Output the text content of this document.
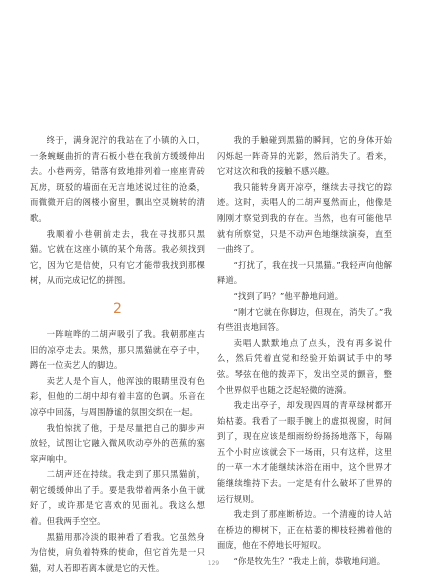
终于，满身泥泞的我站在了小镇的入口，一条蜿蜒曲折的青石板小巷在我前方缓缓伸出去。小巷两旁，错落有致地排列着一座座青砖瓦房，斑驳的墙面在无言地述说过往的沧桑，而微微开启的阁楼小窗里，飘出空灵婉转的清歌。

我顺着小巷朝前走去，我在寻找那只黑猫。它就在这座小镇的某个角落。我必须找到它，因为它是信使，只有它才能带我找到那棵树，从而完成记忆的拼图。

2

一阵喧哗的二胡声吸引了我。我朝那座古旧的凉亭走去。果然，那只黑猫就在亭子中，蹲在一位卖艺人的脚边。

卖艺人是个盲人，他浑浊的眼睛里没有色彩，但他的二胡中却有着丰富的色调。乐音在凉亭中回荡，与周围静谧的氛围交织在一起。

我怕惊扰了他，于是尽量把自己的脚步声放轻，试图让它融入微风吹动亭外的芭蕉的塞窣声响中。

二胡声还在持续。我走到了那只黑猫前，朝它缓缓伸出了手。要是我带着两条小鱼干就好了，或许那是它喜欢的见面礼。我这么想着。但我两手空空。

黑猫用那冷淡的眼神看了看我。它虽然身为信使，肩负着特殊的使命，但它首先是一只猫，对人若即若离本就是它的天性。

我的手触碰到黑猫的瞬间，它的身体开始闪烁起一阵奇异的光影，然后消失了。看来，它对这次和我的接触不感兴趣。

我只能转身离开凉亭，继续去寻找它的踪迹。这时，卖唱人的二胡声戛然而止，他像是刚刚才察觉到我的存在。当然，也有可能他早就有所察觉，只是不动声色地继续演奏，直至一曲终了。

“打扰了，我在找一只黑猫。”我轻声向他解释道。

“找到了吗？”他平静地问道。

“刚才它就在你脚边，但现在，消失了。”我有些沮丧地回答。

卖唱人默默地点了点头，没有再多说什么，然后凭着直觉和经验开始调试手中的琴弦。琴弦在他的拨弄下，发出空灵的颤音，整个世界似乎也随之泛起轻微的涟漪。

我走出亭子，却发现四周的青草绿树都开始枯萎。我看了一眼手腕上的虚拟视窗，时间到了，现在应该是细雨纷纷扬扬地落下，每隔五个小时应该就会下一场雨，只有这样，这里的一草一木才能继续沐浴在雨中，这个世界才能继续维持下去。一定是有什么破坏了世界的运行规则。

我走到了那座断桥边。一个清瘦的诗人站在桥边的柳树下，正在枯萎的柳枝轻拂着他的面庞，他在不停地长吁短叹。

“你是牧先生？”我走上前，恭敬地问道。

129
